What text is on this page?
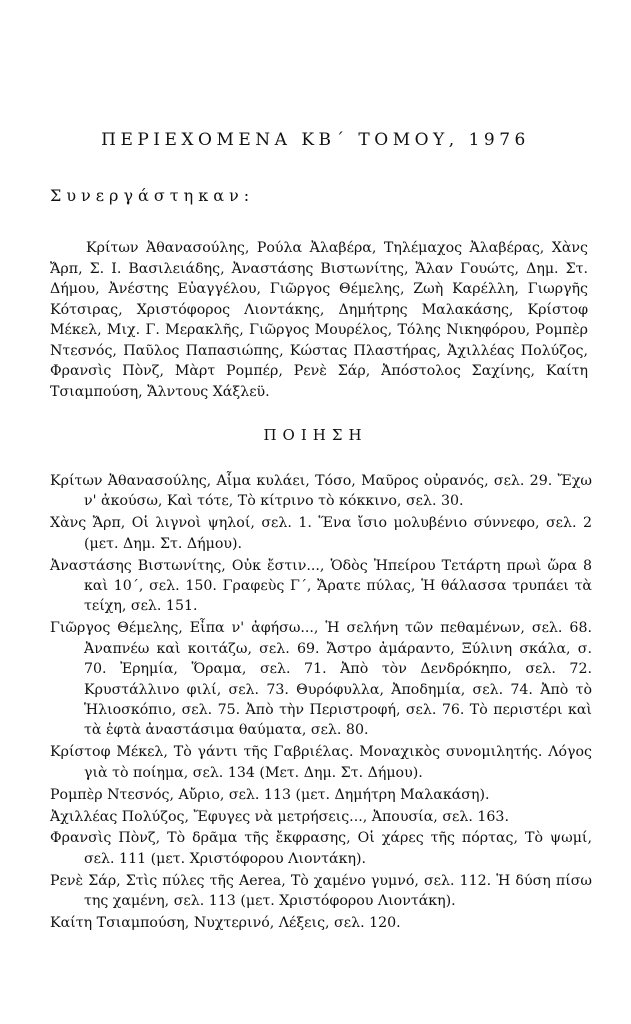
ΠΕΡΙΕΧΟΜΕΝΑ ΚΒ΄ ΤΟΜΟΥ, 1976
Συνεργάστηκαν:
Κρίτων Ἀθανασούλης, Ρούλα Ἀλαβέρα, Τηλέμαχος Ἀλαβέρας, Χὰνς Ἄρπ, Σ. Ι. Βασιλειάδης, Ἀναστάσης Βιστωνίτης, Ἄλαν Γουώτς, Δημ. Στ. Δήμου, Ἀνέστης Εὐαγγέλου, Γιῶργος Θέμελης, Ζωὴ Καρέλλη, Γιωργῆς Κότσιρας, Χριστόφορος Λιοντάκης, Δημήτρης Μαλακάσης, Κρίστοφ Μέκελ, Μιχ. Γ. Μερακλῆς, Γιῶργος Μουρέλος, Τόλης Νικηφόρου, Ρομπὲρ Ντεσνός, Παῦλος Παπασιώπης, Κώστας Πλαστήρας, Ἀχιλλέας Πολύζος, Φρανσὶς Πὸνζ, Μὰρτ Ρομπέρ, Ρενὲ Σάρ, Ἀπόστολος Σαχίνης, Καίτη Τσιαμπούση, Ἄλντους Χάξλεϋ.
ΠΟΙΗΣΗ
Κρίτων Ἀθανασούλης, Αἷμα κυλάει, Τόσο, Μαῦρος οὐρανός, σελ. 29. Ἔχω ν' ἀκούσω, Καὶ τότε, Τὸ κίτρινο τὸ κόκκινο, σελ. 30.
Χὰνς Ἄρπ, Οἱ λιγνοὶ ψηλοί, σελ. 1. Ἕνα ἴσιο μολυβένιο σύννεφο, σελ. 2 (μετ. Δημ. Στ. Δήμου).
Ἀναστάσης Βιστωνίτης, Οὐκ ἔστιν..., Ὁδὸς Ἠπείρου Τετάρτη πρωὶ ὥρα 8 καὶ 10΄, σελ. 150. Γραφεὺς Γ΄, Ἄρατε πύλας, Ἡ θάλασσα τρυπάει τὰ τείχη, σελ. 151.
Γιῶργος Θέμελης, Εἶπα ν' ἀφήσω..., Ἡ σελήνη τῶν πεθαμένων, σελ. 68. Ἀναπνέω καὶ κοιτάζω, σελ. 69. Ἄστρο ἀμάραντο, Ξύλινη σκάλα, σ. 70. Ἐρημία, Ὅραμα, σελ. 71. Ἀπὸ τὸν Δενδρόκηπο, σελ. 72. Κρυστάλλινο φιλί, σελ. 73. Θυρόφυλλα, Ἀποδημία, σελ. 74. Ἀπὸ τὸ Ἡλιοσκόπιο, σελ. 75. Ἀπὸ τὴν Περιστροφή, σελ. 76. Τὸ περιστέρι καὶ τὰ ἑφτὰ ἀναστάσιμα θαύματα, σελ. 80.
Κρίστοφ Μέκελ, Τὸ γάντι τῆς Γαβριέλας. Μοναχικὸς συνομιλητής. Λόγος γιὰ τὸ ποίημα, σελ. 134 (Μετ. Δημ. Στ. Δήμου).
Ρομπὲρ Ντεσνός, Αὔριο, σελ. 113 (μετ. Δημήτρη Μαλακάση).
Ἀχιλλέας Πολύζος, Ἔφυγες νὰ μετρήσεις..., Ἀπουσία, σελ. 163.
Φρανσὶς Πὸνζ, Τὸ δρᾶμα τῆς ἔκφρασης, Οἱ χάρες τῆς πόρτας, Τὸ ψωμί, σελ. 111 (μετ. Χριστόφορου Λιοντάκη).
Ρενὲ Σάρ, Στὶς πύλες τῆς Aerea, Τὸ χαμένο γυμνό, σελ. 112. Ἡ δύση πίσω της χαμένη, σελ. 113 (μετ. Χριστόφορου Λιοντάκη).
Καίτη Τσιαμπούση, Νυχτερινό, Λέξεις, σελ. 120.
